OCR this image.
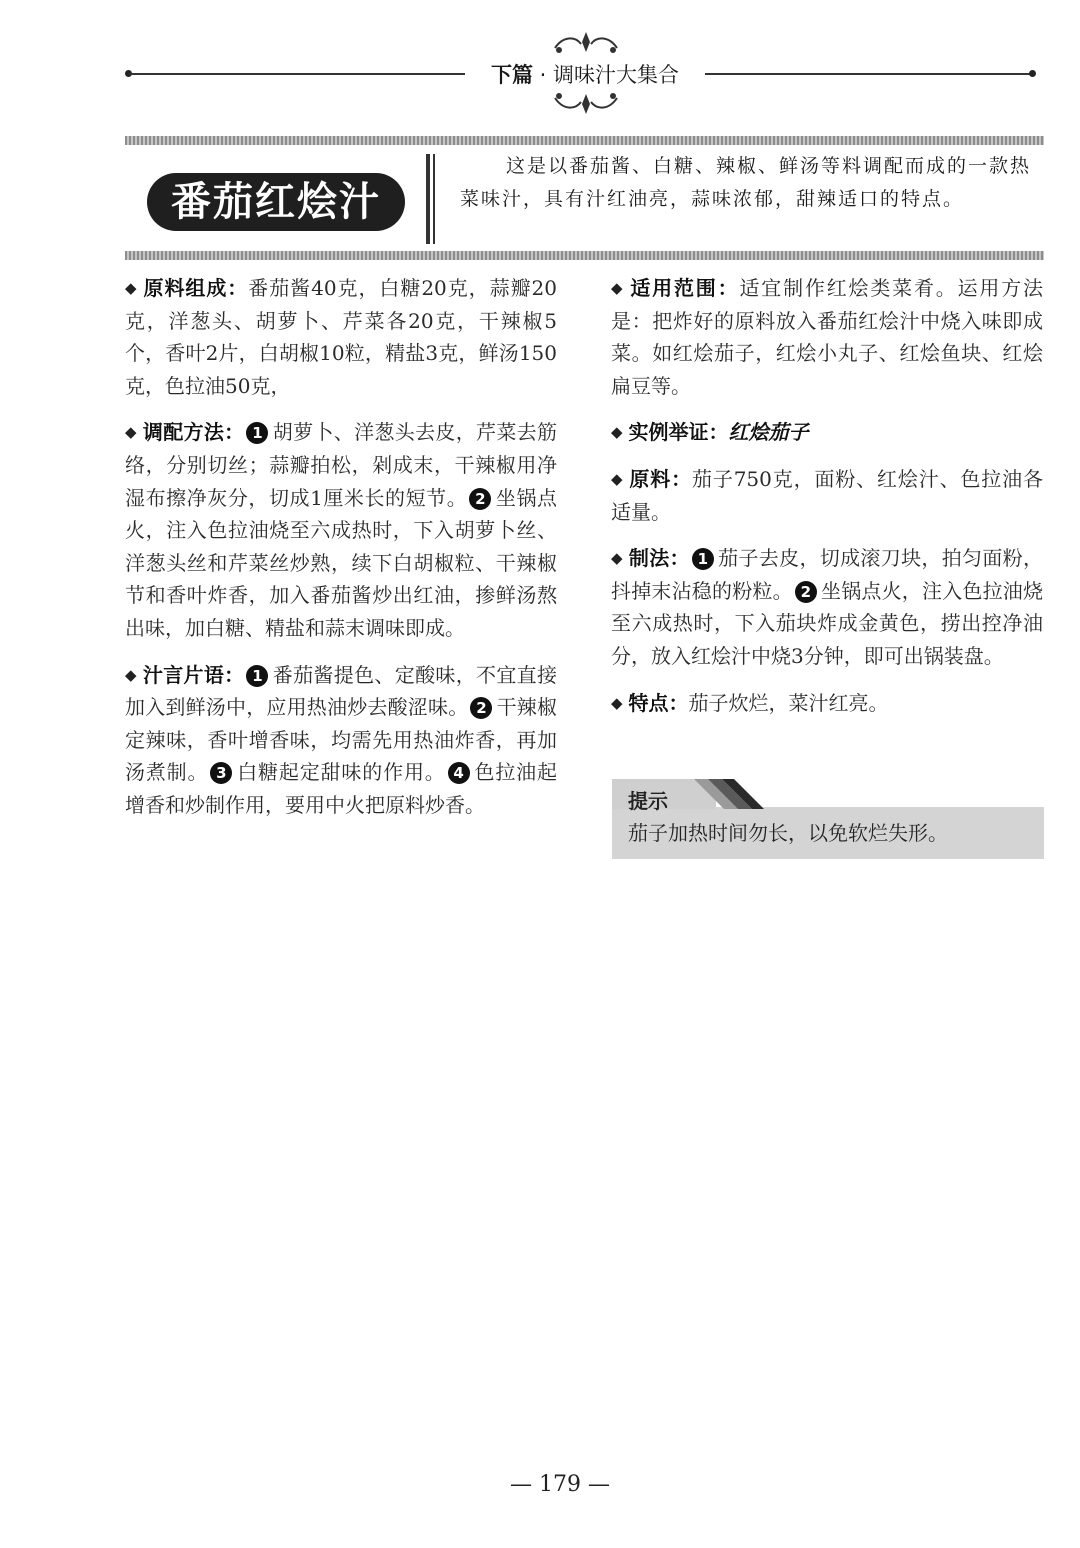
下篇 · 调味汁大集合
番茄红烩汁
这是以番茄酱、白糖、辣椒、鲜汤等料调配而成的一款热菜味汁，具有汁红油亮，蒜味浓郁，甜辣适口的特点。

◆ 原料组成：番茄酱40克，白糖20克，蒜瓣20克，洋葱头、胡萝卜、芹菜各20克，干辣椒5个，香叶2片，白胡椒10粒，精盐3克，鲜汤150克，色拉油50克，

◆ 调配方法： 1 胡萝卜、洋葱头去皮，芹菜去筋络，分别切丝；蒜瓣拍松，剁成末，干辣椒用净湿布擦净灰分，切成1厘米长的短节。 2 坐锅点火，注入色拉油烧至六成热时，下入胡萝卜丝、洋葱头丝和芹菜丝炒熟，续下白胡椒粒、干辣椒节和香叶炸香，加入番茄酱炒出红油，掺鲜汤熬出味，加白糖、精盐和蒜末调味即成。

◆ 汁言片语： 1 番茄酱提色、定酸味，不宜直接加入到鲜汤中，应用热油炒去酸涩味。 2 干辣椒定辣味，香叶增香味，均需先用热油炸香，再加汤煮制。 3 白糖起定甜味的作用。 4 色拉油起增香和炒制作用，要用中火把原料炒香。

◆ 适用范围：适宜制作红烩类菜肴。运用方法是：把炸好的原料放入番茄红烩汁中烧入味即成菜。如红烩茄子，红烩小丸子、红烩鱼块、红烩扁豆等。

◆ 实例举证：红烩茄子

◆ 原料：茄子750克，面粉、红烩汁、色拉油各适量。

◆ 制法： 1 茄子去皮，切成滚刀块，拍匀面粉，抖掉末沾稳的粉粒。 2 坐锅点火，注入色拉油烧至六成热时，下入茄块炸成金黄色，捞出控净油分，放入红烩汁中烧3分钟，即可出锅装盘。

◆ 特点：茄子炊烂，菜汁红亮。

提示
茄子加热时间勿长，以免软烂失形。
— 179 —
